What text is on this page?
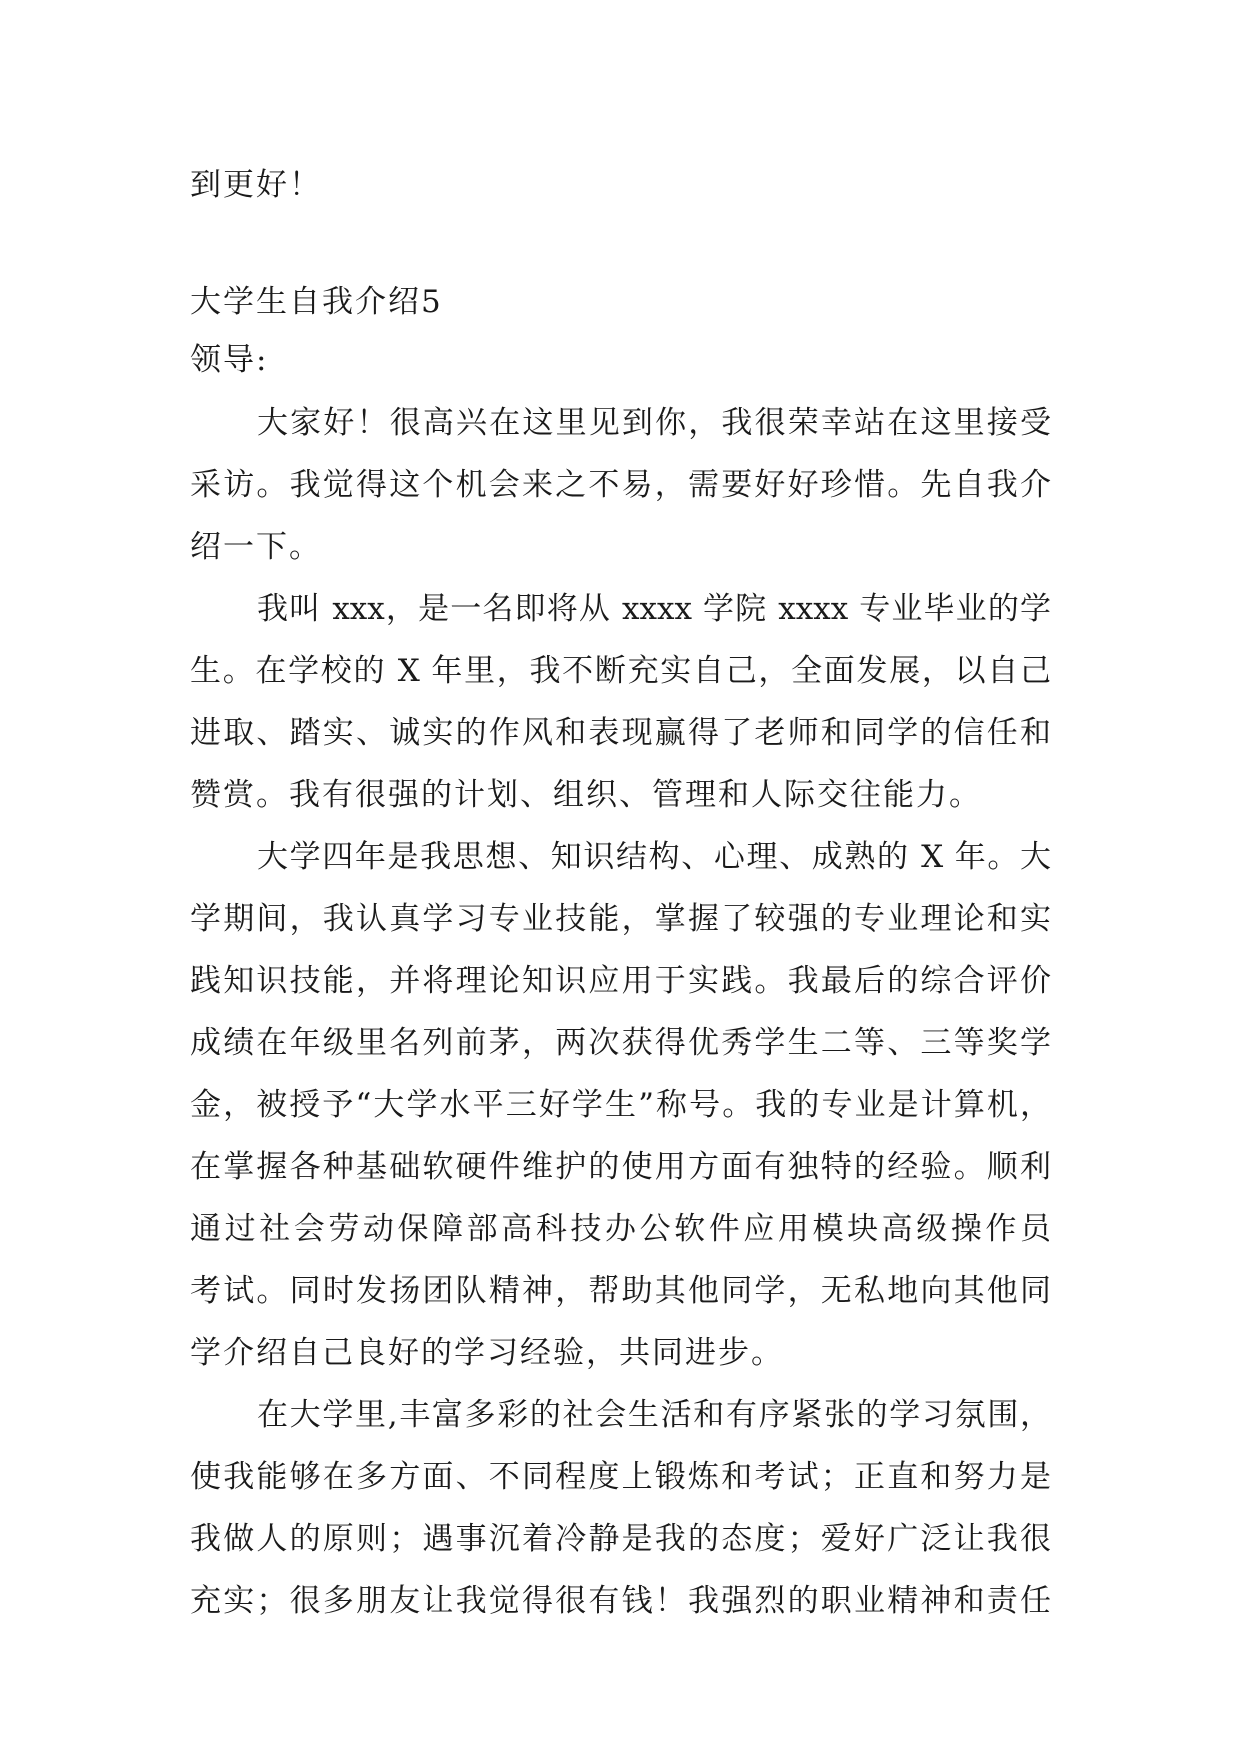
到更好！
大学生自我介绍5
领导:
大家好！很高兴在这里见到你，我很荣幸站在这里接受
采访。我觉得这个机会来之不易，需要好好珍惜。先自我介
绍一下。
我叫 xxx，是一名即将从 xxxx 学院 xxxx 专业毕业的学
生。在学校的 X 年里，我不断充实自己，全面发展，以自己
进取、踏实、诚实的作风和表现赢得了老师和同学的信任和
赞赏。我有很强的计划、组织、管理和人际交往能力。
大学四年是我思想、知识结构、心理、成熟的 X 年。大
学期间，我认真学习专业技能，掌握了较强的专业理论和实
践知识技能，并将理论知识应用于实践。我最后的综合评价
成绩在年级里名列前茅，两次获得优秀学生二等、三等奖学
金，被授予“大学水平三好学生”称号。我的专业是计算机，
在掌握各种基础软硬件维护的使用方面有独特的经验。顺利
通过社会劳动保障部高科技办公软件应用模块高级操作员
考试。同时发扬团队精神，帮助其他同学，无私地向其他同
学介绍自己良好的学习经验，共同进步。
在大学里,丰富多彩的社会生活和有序紧张的学习氛围，
使我能够在多方面、不同程度上锻炼和考试；正直和努力是
我做人的原则；遇事沉着冷静是我的态度；爱好广泛让我很
充实；很多朋友让我觉得很有钱！我强烈的职业精神和责任
